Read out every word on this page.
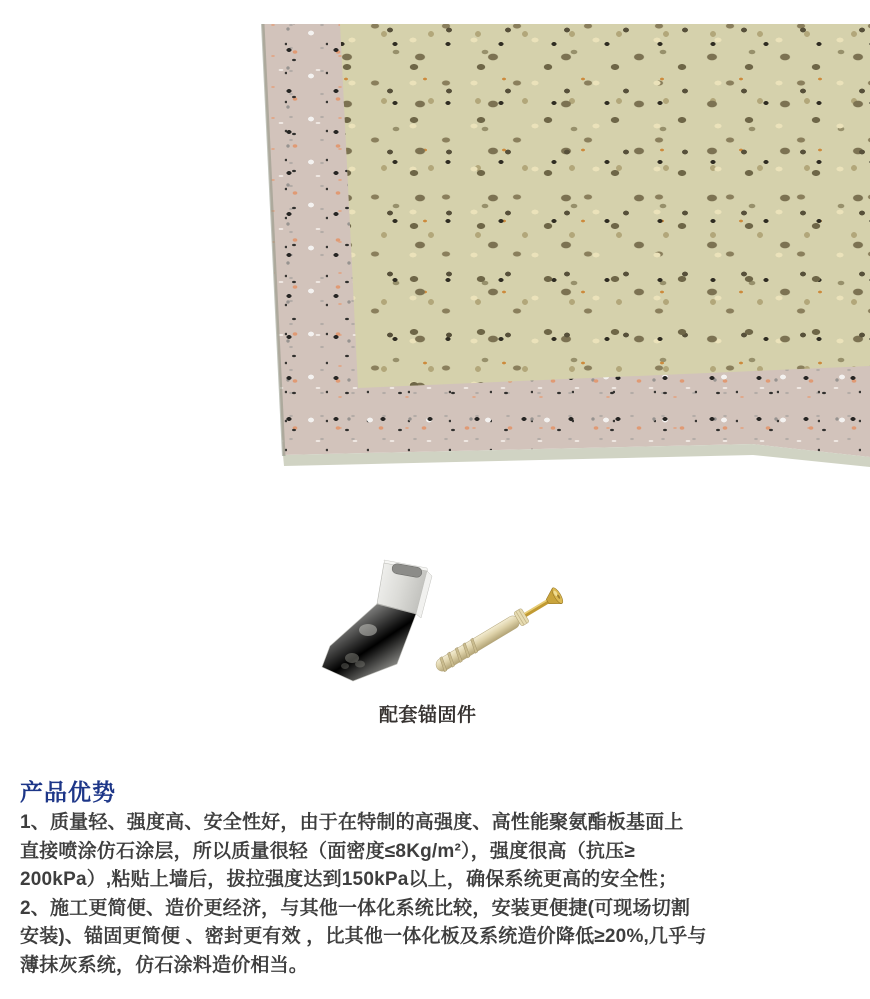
配套锚固件
产品优势
1、质量轻、强度高、安全性好，由于在特制的高强度、高性能聚氨酯板基面上
直接喷涂仿石涂层，所以质量很轻（面密度≤8Kg/m²），强度很高（抗压≥
200kPa）,粘贴上墙后，拔拉强度达到150kPa以上，确保系统更高的安全性；
2、施工更简便、造价更经济，与其他一体化系统比较，安装更便捷(可现场切割
安装)、锚固更简便 、密封更有效 ，比其他一体化板及系统造价降低≥20%,几乎与
薄抹灰系统，仿石涂料造价相当。
